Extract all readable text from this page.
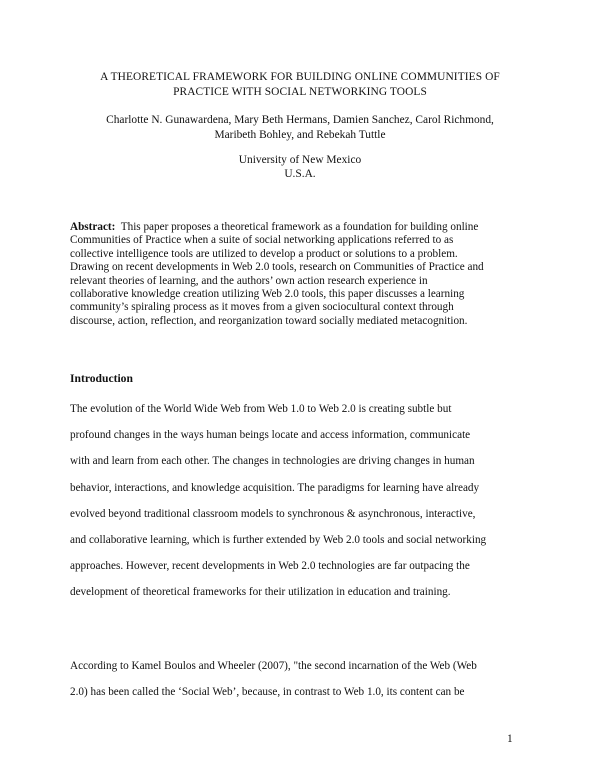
A THEORETICAL FRAMEWORK FOR BUILDING ONLINE COMMUNITIES OF
PRACTICE WITH SOCIAL NETWORKING TOOLS
Charlotte N. Gunawardena, Mary Beth Hermans, Damien Sanchez, Carol Richmond,
Maribeth Bohley, and Rebekah Tuttle
University of New Mexico
U.S.A.
Abstract: This paper proposes a theoretical framework as a foundation for building online
Communities of Practice when a suite of social networking applications referred to as
collective intelligence tools are utilized to develop a product or solutions to a problem.
Drawing on recent developments in Web 2.0 tools, research on Communities of Practice and
relevant theories of learning, and the authors’ own action research experience in
collaborative knowledge creation utilizing Web 2.0 tools, this paper discusses a learning
community’s spiraling process as it moves from a given sociocultural context through
discourse, action, reflection, and reorganization toward socially mediated metacognition.
Introduction
The evolution of the World Wide Web from Web 1.0 to Web 2.0 is creating subtle but
profound changes in the ways human beings locate and access information, communicate
with and learn from each other. The changes in technologies are driving changes in human
behavior, interactions, and knowledge acquisition. The paradigms for learning have already
evolved beyond traditional classroom models to synchronous & asynchronous, interactive,
and collaborative learning, which is further extended by Web 2.0 tools and social networking
approaches. However, recent developments in Web 2.0 technologies are far outpacing the
development of theoretical frameworks for their utilization in education and training.
According to Kamel Boulos and Wheeler (2007), "the second incarnation of the Web (Web
2.0) has been called the ‘Social Web’, because, in contrast to Web 1.0, its content can be
1
